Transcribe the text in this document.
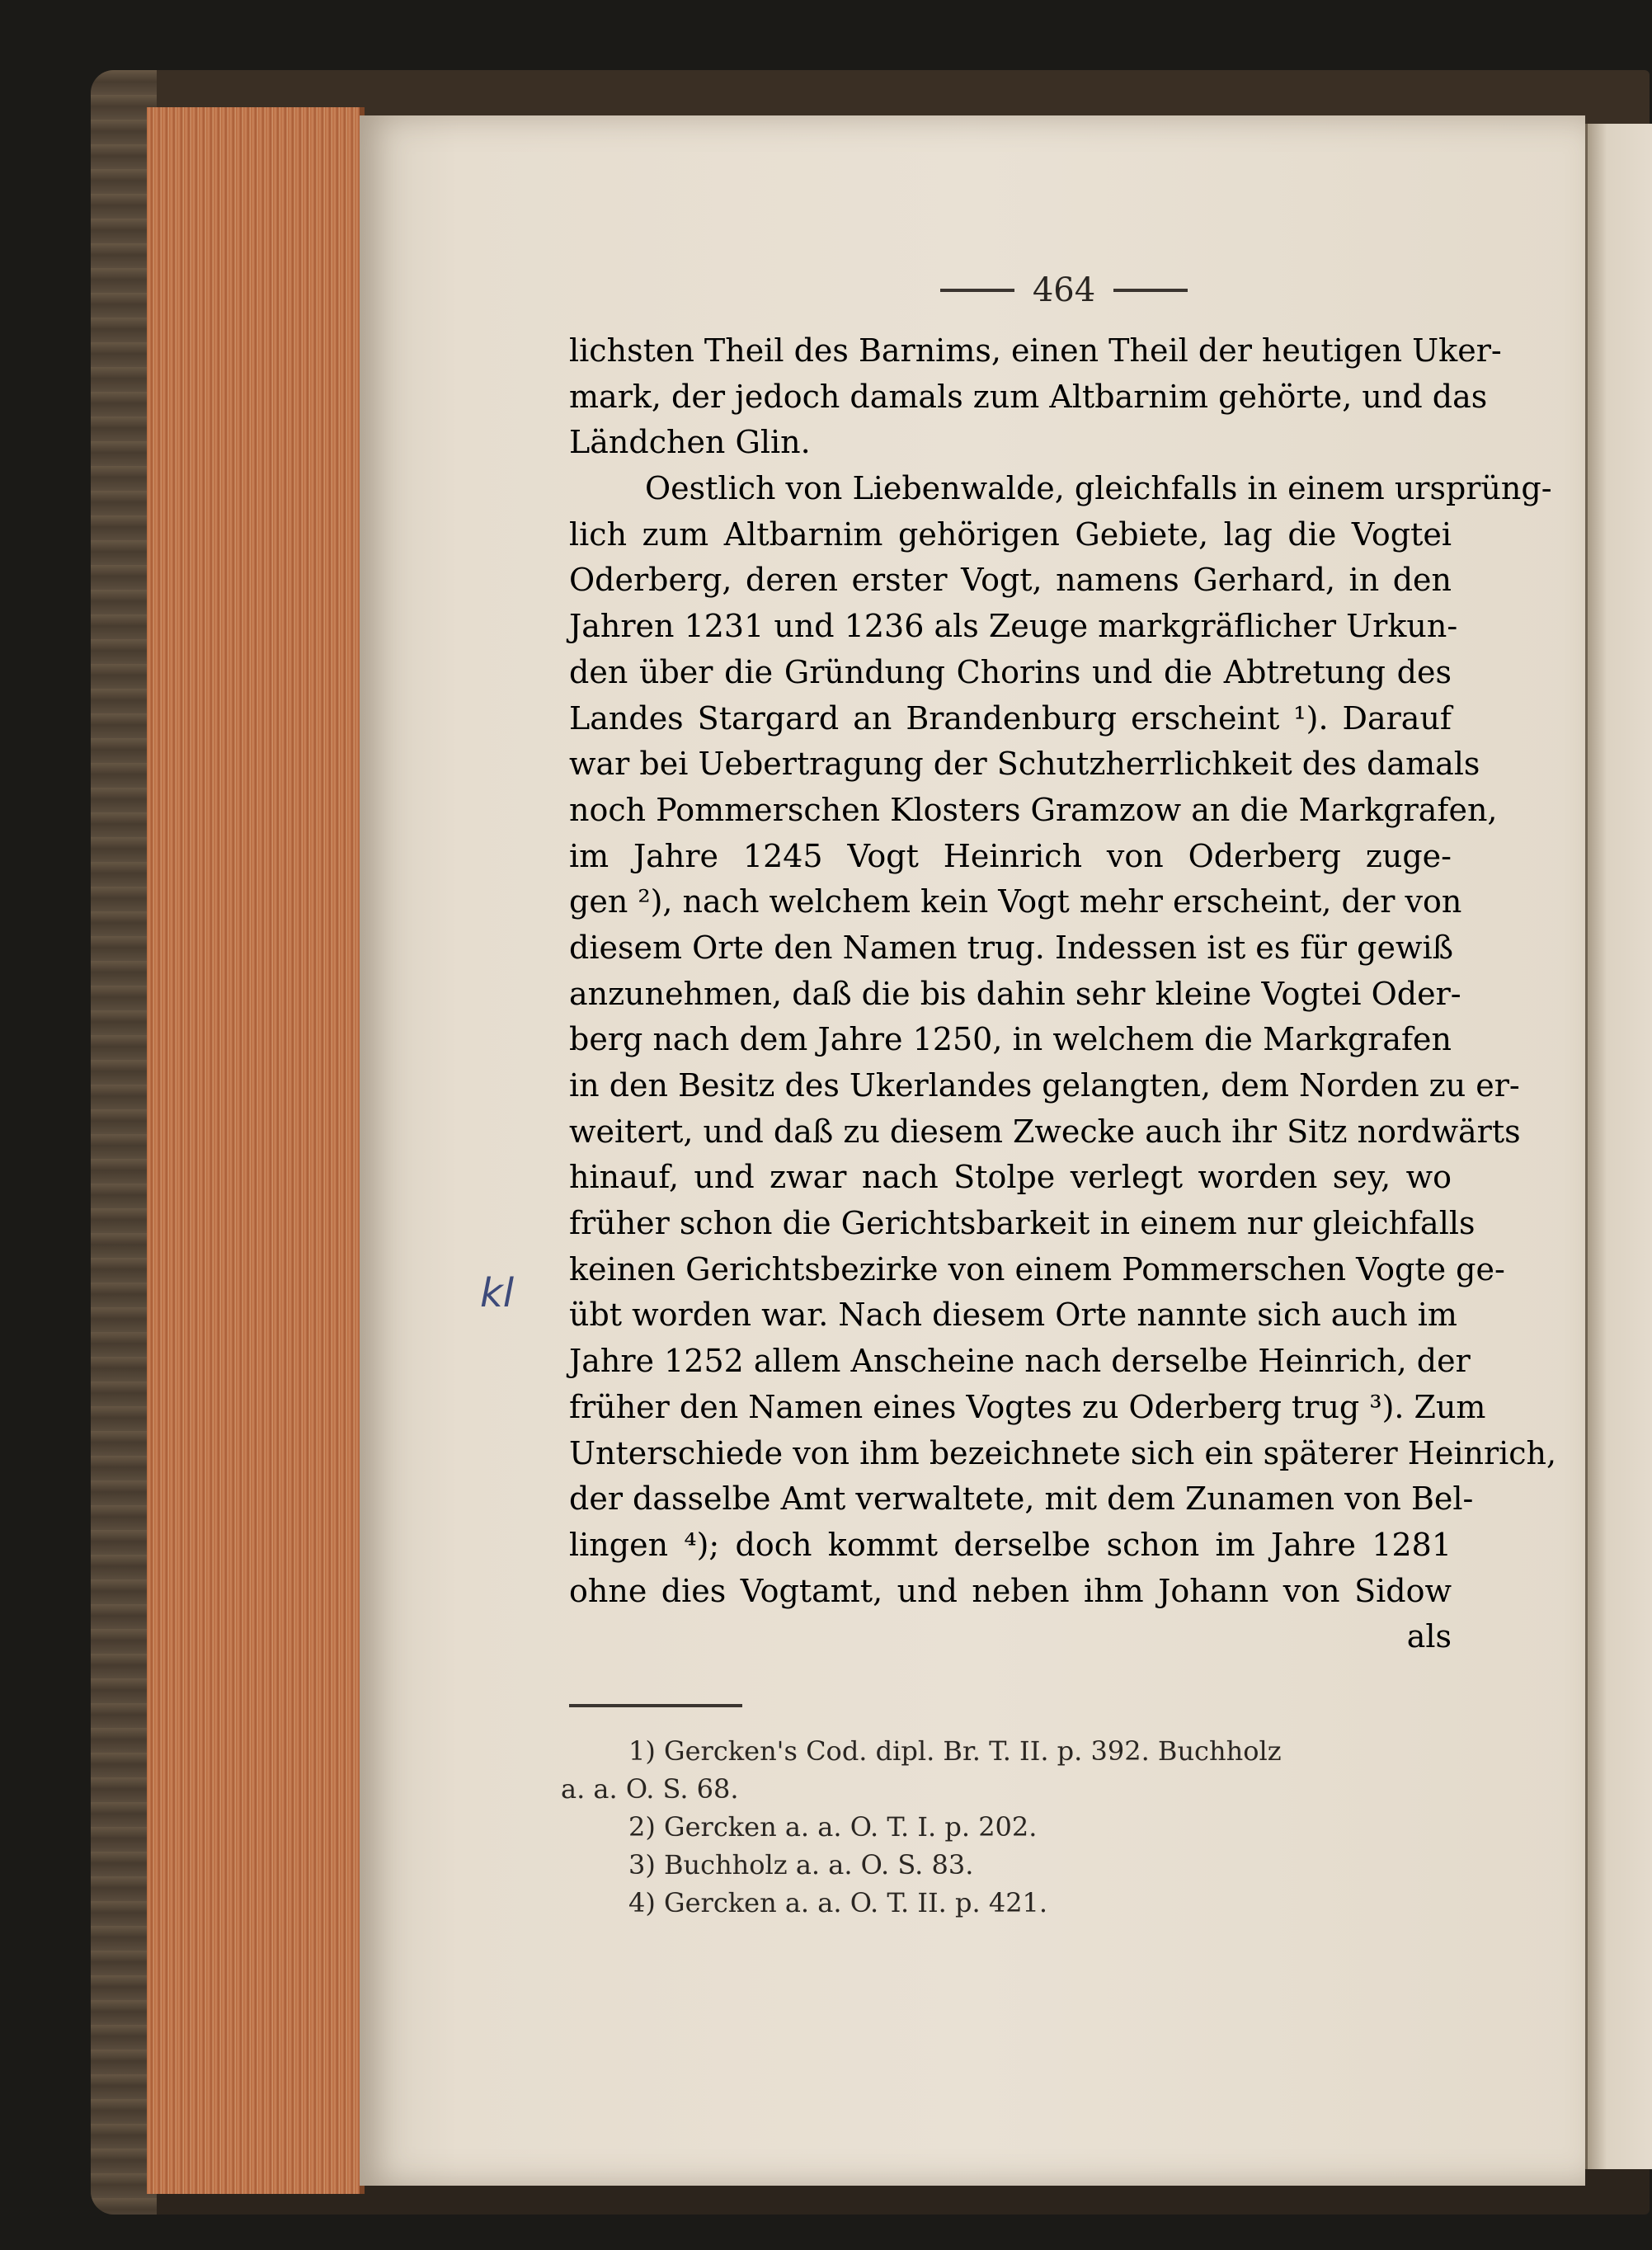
464
lichsten Theil des Barnims, einen Theil der heutigen Uker-
mark, der jedoch damals zum Altbarnim gehörte, und das
Ländchen Glin.
Oestlich von Liebenwalde, gleichfalls in einem ursprüng-
lich zum Altbarnim gehörigen Gebiete, lag die Vogtei
Oderberg, deren erster Vogt, namens Gerhard, in den
Jahren 1231 und 1236 als Zeuge markgräflicher Urkun-
den über die Gründung Chorins und die Abtretung des
Landes Stargard an Brandenburg erscheint ¹). Darauf
war bei Uebertragung der Schutzherrlichkeit des damals
noch Pommerschen Klosters Gramzow an die Markgrafen,
im Jahre 1245 Vogt Heinrich von Oderberg zuge-
gen ²), nach welchem kein Vogt mehr erscheint, der von
diesem Orte den Namen trug. Indessen ist es für gewiß
anzunehmen, daß die bis dahin sehr kleine Vogtei Oder-
berg nach dem Jahre 1250, in welchem die Markgrafen
in den Besitz des Ukerlandes gelangten, dem Norden zu er-
weitert, und daß zu diesem Zwecke auch ihr Sitz nordwärts
hinauf, und zwar nach Stolpe verlegt worden sey, wo
früher schon die Gerichtsbarkeit in einem nur gleichfalls
keinen Gerichtsbezirke von einem Pommerschen Vogte ge-
übt worden war. Nach diesem Orte nannte sich auch im
Jahre 1252 allem Anscheine nach derselbe Heinrich, der
früher den Namen eines Vogtes zu Oderberg trug ³). Zum
Unterschiede von ihm bezeichnete sich ein späterer Heinrich,
der dasselbe Amt verwaltete, mit dem Zunamen von Bel-
lingen ⁴); doch kommt derselbe schon im Jahre 1281
ohne dies Vogtamt, und neben ihm Johann von Sidow
als
kl
1) Gercken's Cod. dipl. Br. T. II. p. 392. Buchholz
a. a. O. S. 68.
2) Gercken a. a. O. T. I. p. 202.
3) Buchholz a. a. O. S. 83.
4) Gercken a. a. O. T. II. p. 421.
